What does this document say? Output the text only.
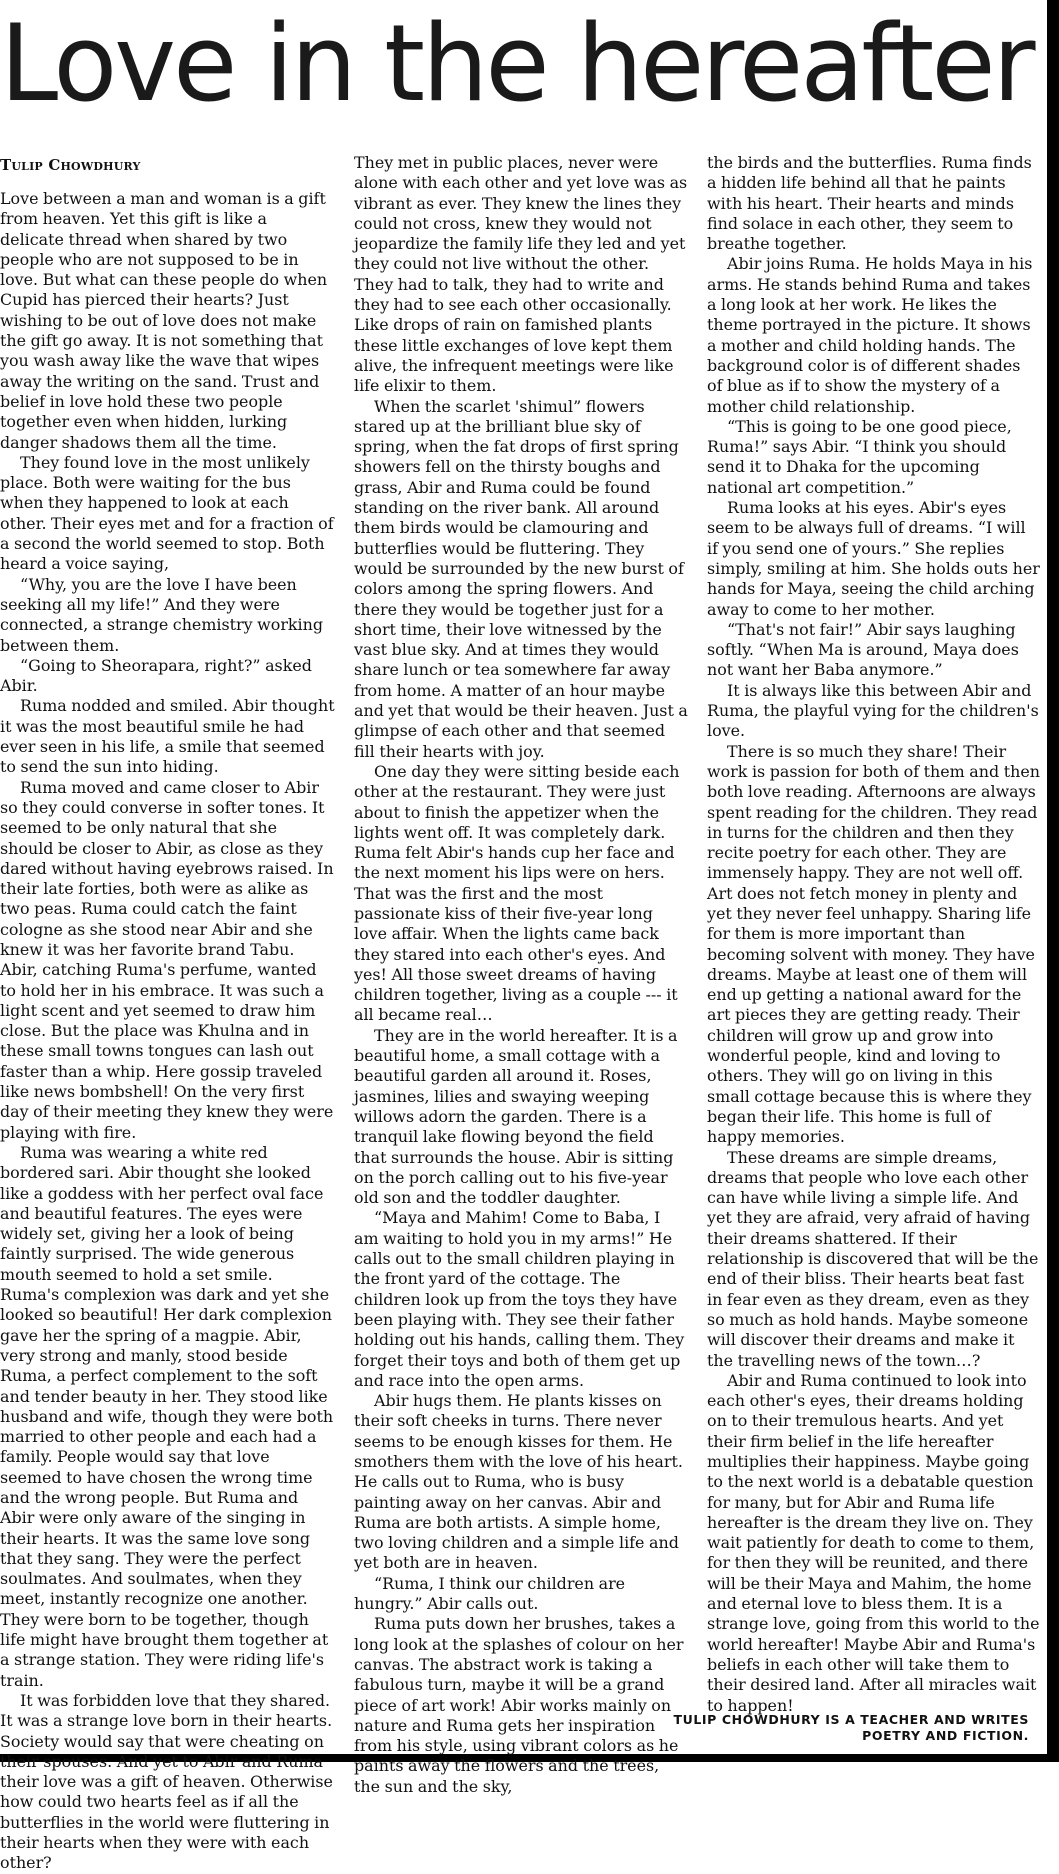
Love in the hereafter
Tulip Chowdhury

Love between a man and woman is a gift from heaven. Yet this gift is like a delicate thread when shared by two people who are not supposed to be in love. But what can these people do when Cupid has pierced their hearts? Just wishing to be out of love does not make the gift go away. It is not something that you wash away like the wave that wipes away the writing on the sand. Trust and belief in love hold these two people together even when hidden, lurking danger shadows them all the time.

They found love in the most unlikely place. Both were waiting for the bus when they happened to look at each other. Their eyes met and for a fraction of a second the world seemed to stop. Both heard a voice saying,

“Why, you are the love I have been seeking all my life!” And they were connected, a strange chemistry working between them.

“Going to Sheorapara, right?” asked Abir.

Ruma nodded and smiled. Abir thought it was the most beautiful smile he had ever seen in his life, a smile that seemed to send the sun into hiding.

Ruma moved and came closer to Abir so they could converse in softer tones. It seemed to be only natural that she should be closer to Abir, as close as they dared without having eyebrows raised. In their late forties, both were as alike as two peas. Ruma could catch the faint cologne as she stood near Abir and she knew it was her favorite brand Tabu. Abir, catching Ruma's perfume, wanted to hold her in his embrace. It was such a light scent and yet seemed to draw him close. But the place was Khulna and in these small towns tongues can lash out faster than a whip. Here gossip traveled like news bombshell! On the very first day of their meeting they knew they were playing with fire.

Ruma was wearing a white red bordered sari. Abir thought she looked like a goddess with her perfect oval face and beautiful features. The eyes were widely set, giving her a look of being faintly surprised. The wide generous mouth seemed to hold a set smile. Ruma's complexion was dark and yet she looked so beautiful! Her dark complexion gave her the spring of a magpie. Abir, very strong and manly, stood beside Ruma, a perfect complement to the soft and tender beauty in her. They stood like husband and wife, though they were both married to other people and each had a family. People would say that love seemed to have chosen the wrong time and the wrong people. But Ruma and Abir were only aware of the singing in their hearts. It was the same love song that they sang. They were the perfect soulmates. And soulmates, when they meet, instantly recognize one another. They were born to be together, though life might have brought them together at a strange station. They were riding life's train.

It was forbidden love that they shared. It was a strange love born in their hearts. Society would say that were cheating on their spouses. And yet to Abir and Ruma their love was a gift of heaven. Otherwise how could two hearts feel as if all the butterflies in the world were fluttering in their hearts when they were with each other?

They met in public places, never were alone with each other and yet love was as vibrant as ever. They knew the lines they could not cross, knew they would not jeopardize the family life they led and yet they could not live without the other. They had to talk, they had to write and they had to see each other occasionally. Like drops of rain on famished plants these little exchanges of love kept them alive, the infrequent meetings were like life elixir to them.

When the scarlet 'shimul” flowers stared up at the brilliant blue sky of spring, when the fat drops of first spring showers fell on the thirsty boughs and grass, Abir and Ruma could be found standing on the river bank. All around them birds would be clamouring and butterflies would be fluttering. They would be surrounded by the new burst of colors among the spring flowers. And there they would be together just for a short time, their love witnessed by the vast blue sky. And at times they would share lunch or tea somewhere far away from home. A matter of an hour maybe and yet that would be their heaven. Just a glimpse of each other and that seemed fill their hearts with joy.

One day they were sitting beside each other at the restaurant. They were just about to finish the appetizer when the lights went off. It was completely dark. Ruma felt Abir's hands cup her face and the next moment his lips were on hers. That was the first and the most passionate kiss of their five-year long love affair. When the lights came back they stared into each other's eyes. And yes! All those sweet dreams of having children together, living as a couple --- it all became real…

They are in the world hereafter. It is a beautiful home, a small cottage with a beautiful garden all around it. Roses, jasmines, lilies and swaying weeping willows adorn the garden. There is a tranquil lake flowing beyond the field that surrounds the house. Abir is sitting on the porch calling out to his five-year old son and the toddler daughter.

“Maya and Mahim! Come to Baba, I am waiting to hold you in my arms!” He calls out to the small children playing in the front yard of the cottage. The children look up from the toys they have been playing with. They see their father holding out his hands, calling them. They forget their toys and both of them get up and race into the open arms.

Abir hugs them. He plants kisses on their soft cheeks in turns. There never seems to be enough kisses for them. He smothers them with the love of his heart. He calls out to Ruma, who is busy painting away on her canvas. Abir and Ruma are both artists. A simple home, two loving children and a simple life and yet both are in heaven.

“Ruma, I think our children are hungry.” Abir calls out.

Ruma puts down her brushes, takes a long look at the splashes of colour on her canvas. The abstract work is taking a fabulous turn, maybe it will be a grand piece of art work! Abir works mainly on nature and Ruma gets her inspiration from his style, using vibrant colors as he paints away the flowers and the trees, the sun and the sky,

the birds and the butterflies. Ruma finds a hidden life behind all that he paints with his heart. Their hearts and minds find solace in each other, they seem to breathe together.

Abir joins Ruma. He holds Maya in his arms. He stands behind Ruma and takes a long look at her work. He likes the theme portrayed in the picture. It shows a mother and child holding hands. The background color is of different shades of blue as if to show the mystery of a mother child relationship.

“This is going to be one good piece, Ruma!” says Abir. “I think you should send it to Dhaka for the upcoming national art competition.”

Ruma looks at his eyes. Abir's eyes seem to be always full of dreams. “I will if you send one of yours.” She replies simply, smiling at him. She holds outs her hands for Maya, seeing the child arching away to come to her mother.

“That's not fair!” Abir says laughing softly. “When Ma is around, Maya does not want her Baba anymore.”

It is always like this between Abir and Ruma, the playful vying for the children's love.

There is so much they share! Their work is passion for both of them and then both love reading. Afternoons are always spent reading for the children. They read in turns for the children and then they recite poetry for each other. They are immensely happy. They are not well off. Art does not fetch money in plenty and yet they never feel unhappy. Sharing life for them is more important than becoming solvent with money. They have dreams. Maybe at least one of them will end up getting a national award for the art pieces they are getting ready. Their children will grow up and grow into wonderful people, kind and loving to others. They will go on living in this small cottage because this is where they began their life. This home is full of happy memories.

These dreams are simple dreams, dreams that people who love each other can have while living a simple life. And yet they are afraid, very afraid of having their dreams shattered. If their relationship is discovered that will be the end of their bliss. Their hearts beat fast in fear even as they dream, even as they so much as hold hands. Maybe someone will discover their dreams and make it the travelling news of the town…?

Abir and Ruma continued to look into each other's eyes, their dreams holding on to their tremulous hearts. And yet their firm belief in the life hereafter multiplies their happiness. Maybe going to the next world is a debatable question for many, but for Abir and Ruma life hereafter is the dream they live on. They wait patiently for death to come to them, for then they will be reunited, and there will be their Maya and Mahim, the home and eternal love to bless them. It is a strange love, going from this world to the world hereafter! Maybe Abir and Ruma's beliefs in each other will take them to their desired land. After all miracles wait to happen!

TULIP CHOWDHURY IS A TEACHER AND WRITES POETRY AND FICTION.
